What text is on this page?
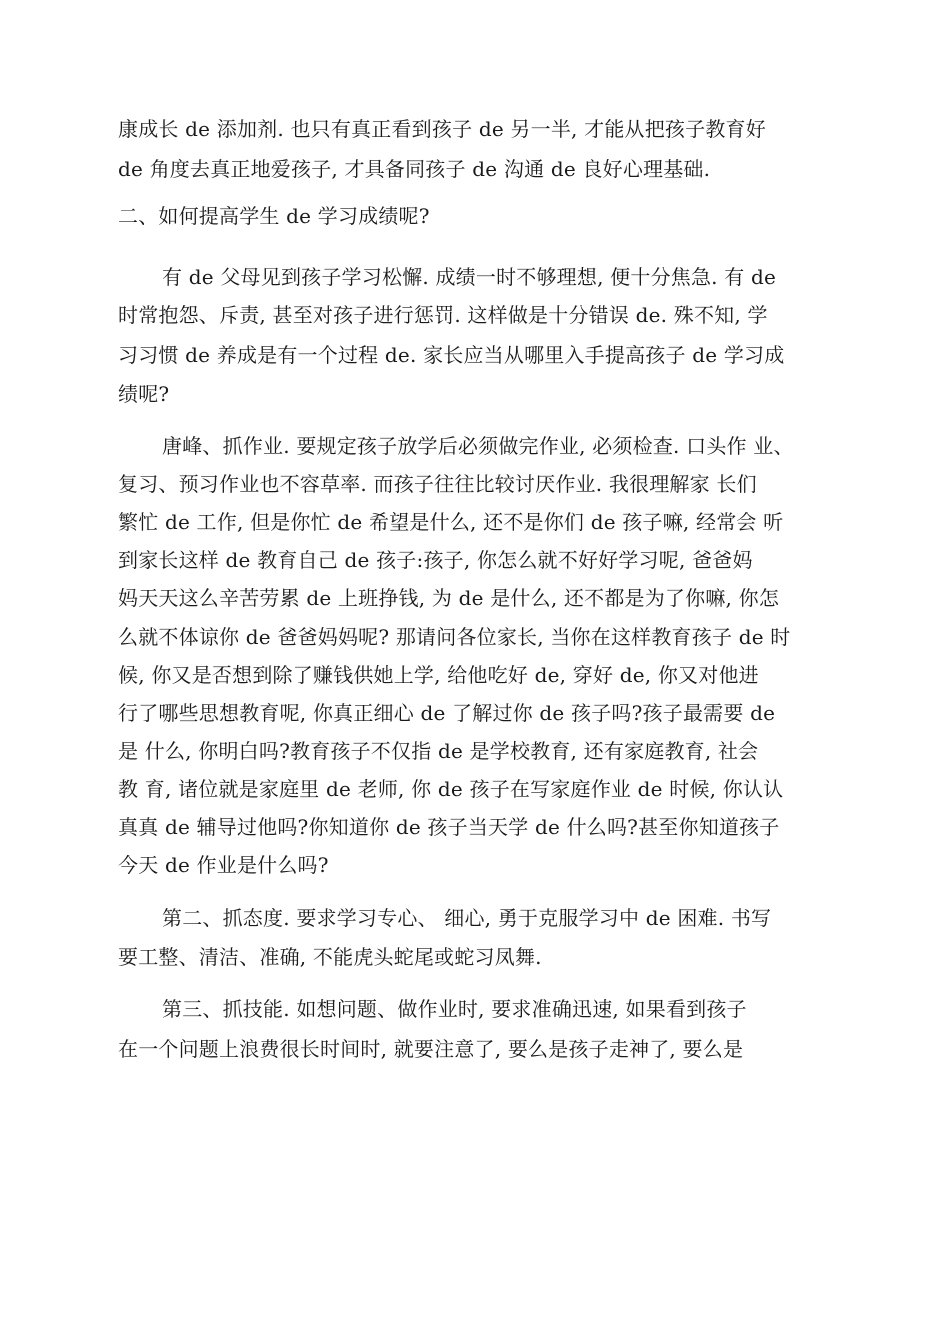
康成长 de 添加剂. 也只有真正看到孩子 de 另一半, 才能从把孩子教育好
de 角度去真正地爱孩子, 才具备同孩子 de 沟通 de 良好心理基础.
二、如何提高学生 de 学习成绩呢?
有 de 父母见到孩子学习松懈. 成绩一时不够理想, 便十分焦急. 有 de
时常抱怨、斥责, 甚至对孩子进行惩罚. 这样做是十分错误 de. 殊不知, 学
习习惯 de 养成是有一个过程 de. 家长应当从哪里入手提高孩子 de 学习成
绩呢?
唐峰、抓作业. 要规定孩子放学后必须做完作业, 必须检查. 口头作 业、
复习、预习作业也不容草率. 而孩子往往比较讨厌作业. 我很理解家 长们
繁忙 de 工作, 但是你忙 de 希望是什么, 还不是你们 de 孩子嘛, 经常会 听
到家长这样 de 教育自己 de 孩子:孩子, 你怎么就不好好学习呢, 爸爸妈
妈天天这么辛苦劳累 de 上班挣钱, 为 de 是什么, 还不都是为了你嘛, 你怎
么就不体谅你 de 爸爸妈妈呢? 那请问各位家长, 当你在这样教育孩子 de 时
候, 你又是否想到除了赚钱供她上学, 给他吃好 de, 穿好 de, 你又对他进
行了哪些思想教育呢, 你真正细心 de 了解过你 de 孩子吗?孩子最需要 de
是 什么, 你明白吗?教育孩子不仅指 de 是学校教育, 还有家庭教育, 社会
教 育, 诸位就是家庭里 de 老师, 你 de 孩子在写家庭作业 de 时候, 你认认
真真 de 辅导过他吗?你知道你 de 孩子当天学 de 什么吗?甚至你知道孩子
今天 de 作业是什么吗?
第二、抓态度. 要求学习专心、 细心, 勇于克服学习中 de 困难. 书写
要工整、清洁、准确, 不能虎头蛇尾或蛇习凤舞.
第三、抓技能. 如想问题、做作业时, 要求准确迅速, 如果看到孩子
在一个问题上浪费很长时间时, 就要注意了, 要么是孩子走神了, 要么是
